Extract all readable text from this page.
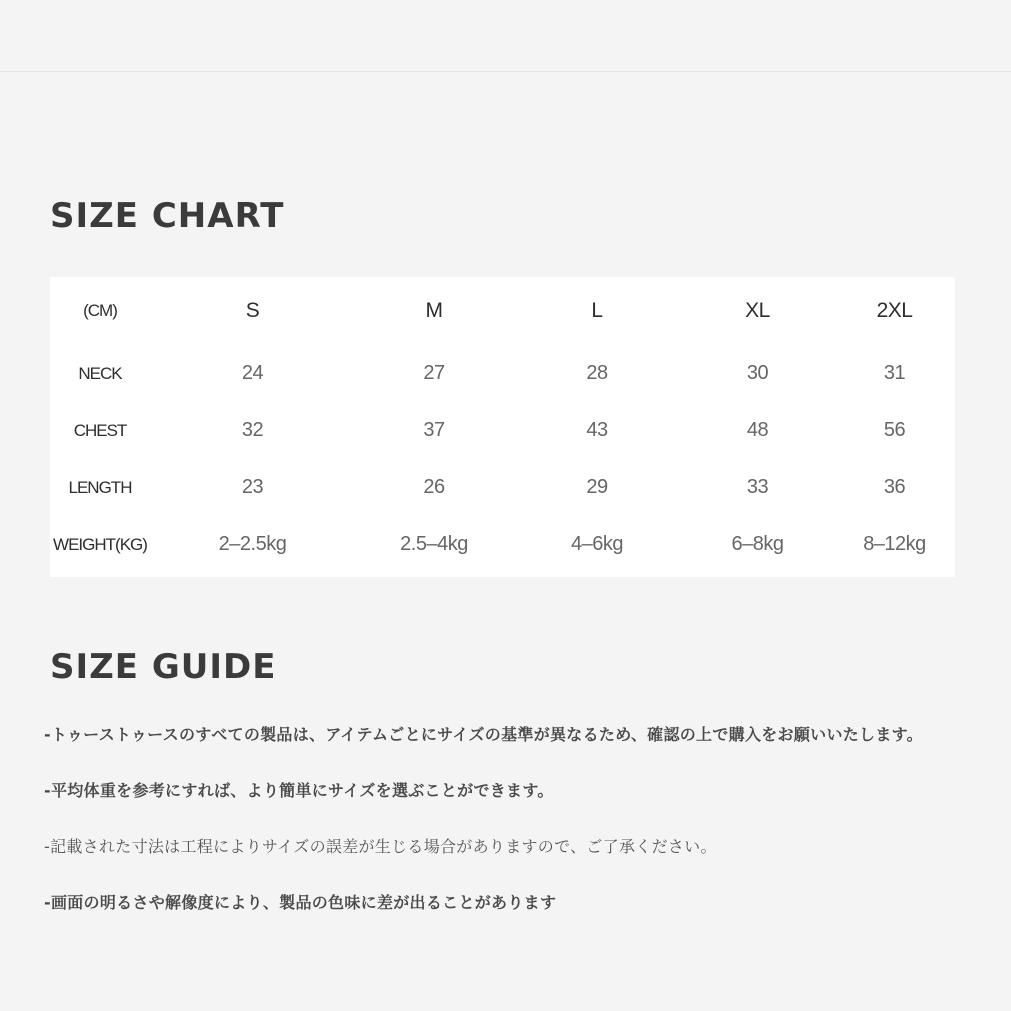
SIZE CHART
(CM)	S	M	L	XL	2XL
NECK	24	27	28	30	31
CHEST	32	37	43	48	56
LENGTH	23	26	29	33	36
WEIGHT(KG)	2–2.5kg	2.5–4kg	4–6kg	6–8kg	8–12kg
SIZE GUIDE
-トゥーストゥースのすべての製品は、アイテムごとにサイズの基準が異なるため、確認の上で購入をお願いいたします。
-平均体重を参考にすれば、より簡単にサイズを選ぶことができます。
-記載された寸法は工程によりサイズの誤差が生じる場合がありますので、ご了承ください。
-画面の明るさや解像度により、製品の色味に差が出ることがあります
